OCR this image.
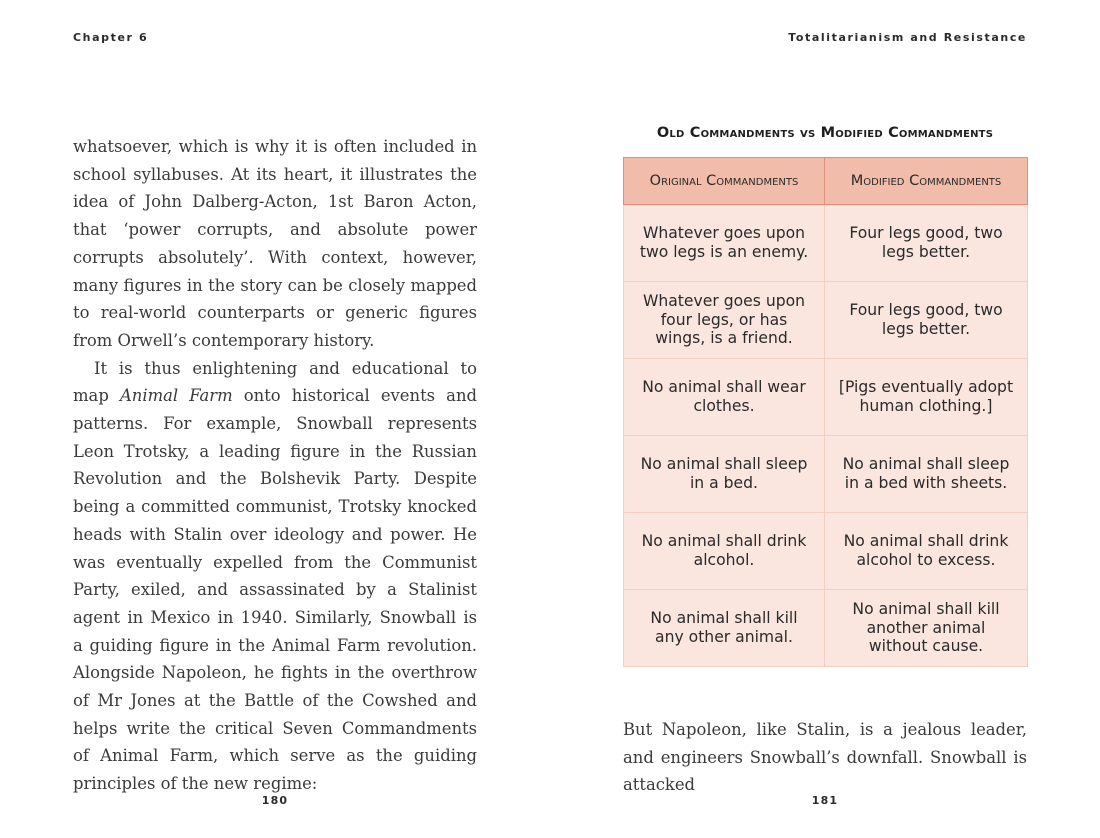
Chapter 6

whatsoever, which is why it is often included in school syllabuses. At its heart, it illustrates the idea of John Dalberg-Acton, 1st Baron Acton, that ‘power corrupts, and absolute power corrupts absolutely’. With context, however, many figures in the story can be closely mapped to real-world counterparts or generic figures from Orwell’s contemporary history.

It is thus enlightening and educational to map Animal Farm onto historical events and patterns. For example, Snowball represents Leon Trotsky, a leading figure in the Russian Revolution and the Bolshevik Party. Despite being a committed communist, Trotsky knocked heads with Stalin over ideology and power. He was eventually expelled from the Communist Party, exiled, and assassinated by a Stalinist agent in Mexico in 1940. Similarly, Snowball is a guiding figure in the Animal Farm revolution. Alongside Napoleon, he fights in the overthrow of Mr Jones at the Battle of the Cowshed and helps write the critical Seven Commandments of Animal Farm, which serve as the guiding principles of the new regime:

180
Totalitarianism and Resistance
Old Commandments vs Modified Commandments
Original Commandments	Modified Commandments
Whatever goes upon two legs is an enemy.	Four legs good, two legs better.
Whatever goes upon four legs, or has wings, is a friend.	Four legs good, two legs better.
No animal shall wear clothes.	[Pigs eventually adopt human clothing.]
No animal shall sleep in a bed.	No animal shall sleep in a bed with sheets.
No animal shall drink alcohol.	No animal shall drink alcohol to excess.
No animal shall kill any other animal.	No animal shall kill another animal without cause.

But Napoleon, like Stalin, is a jealous leader, and engineers Snowball’s downfall. Snowball is attacked

181
